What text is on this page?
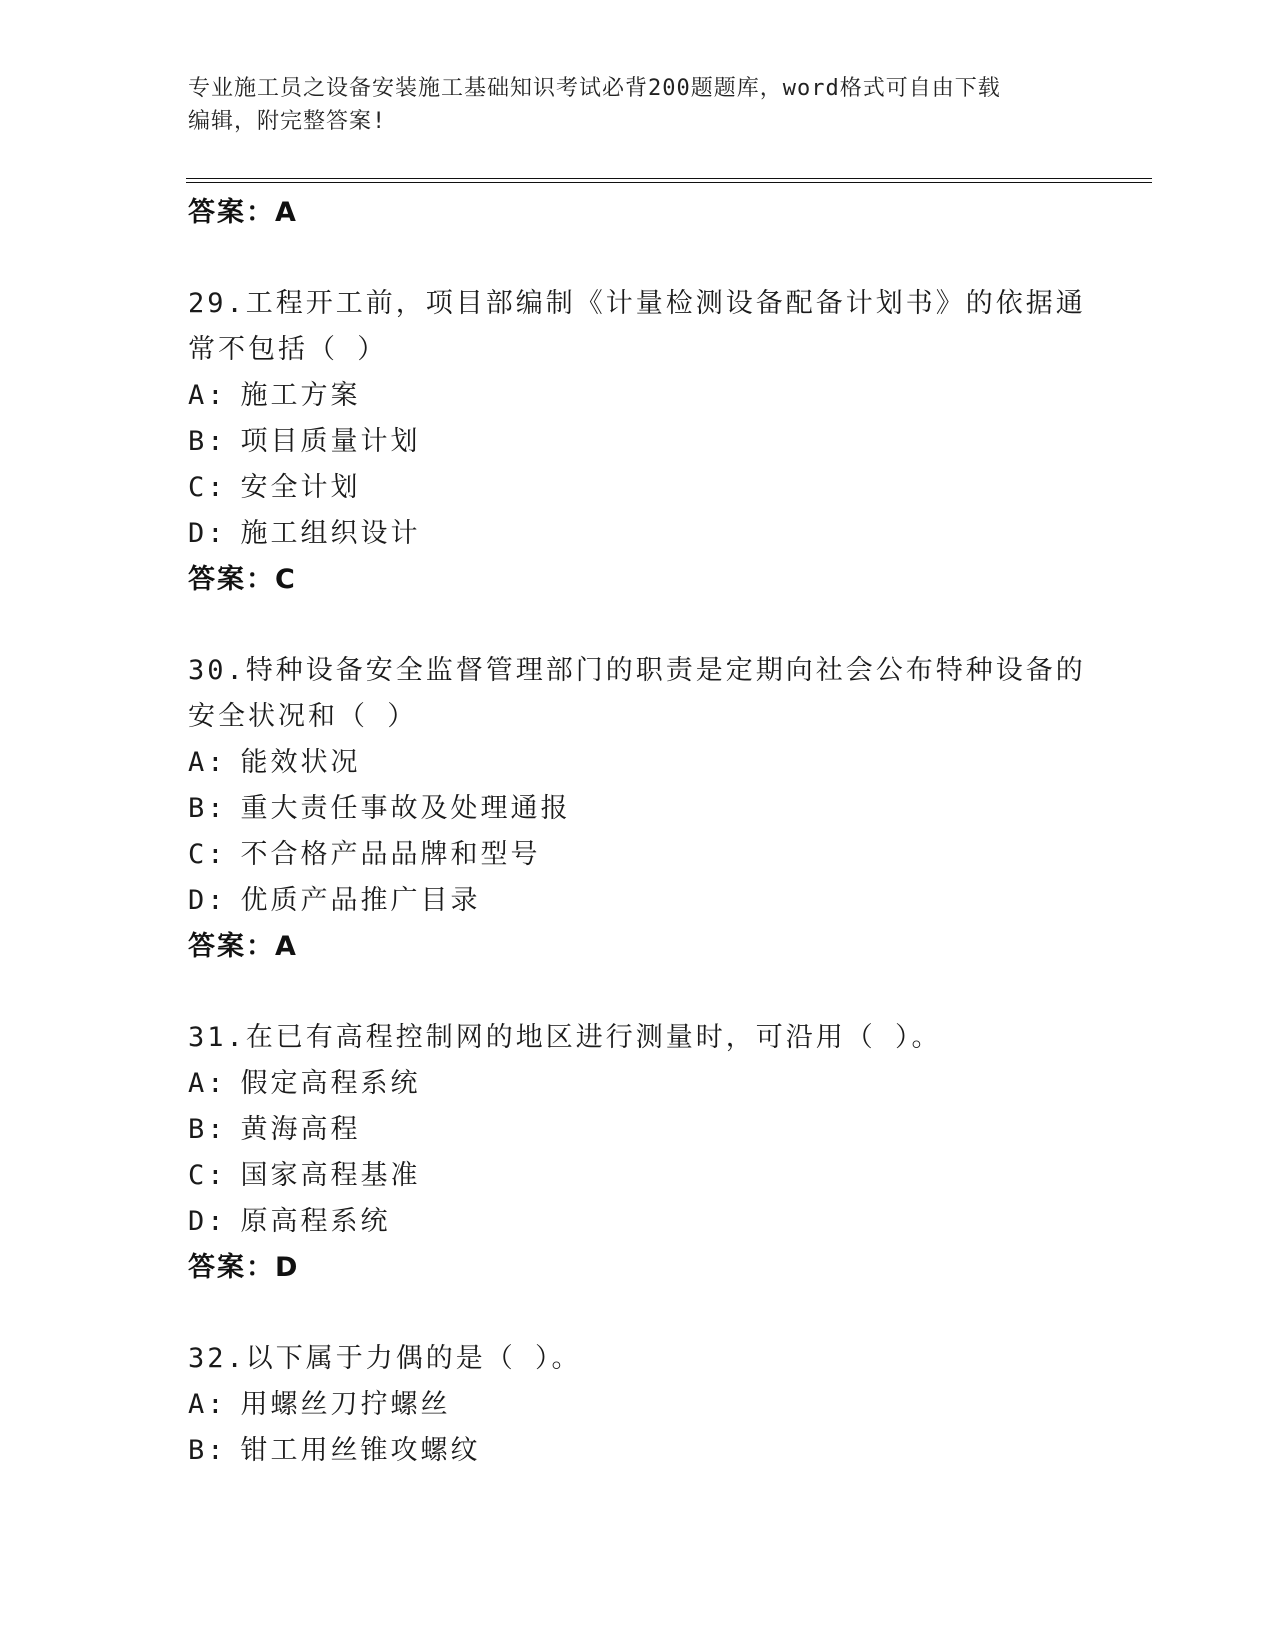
专业施工员之设备安装施工基础知识考试必背200题题库，word格式可自由下载
编辑，附完整答案!
答案：A

29.工程开工前，项目部编制《计量检测设备配备计划书》的依据通常不包括（ ）

A: 施工方案
B: 项目质量计划
C: 安全计划
D: 施工组织设计
答案：C

30.特种设备安全监督管理部门的职责是定期向社会公布特种设备的安全状况和（ ）

A: 能效状况
B: 重大责任事故及处理通报
C: 不合格产品品牌和型号
D: 优质产品推广目录
答案：A

31.在已有高程控制网的地区进行测量时，可沿用（ ）。

A: 假定高程系统
B: 黄海高程
C: 国家高程基准
D: 原高程系统
答案：D

32.以下属于力偶的是（ ）。

A: 用螺丝刀拧螺丝
B: 钳工用丝锥攻螺纹
